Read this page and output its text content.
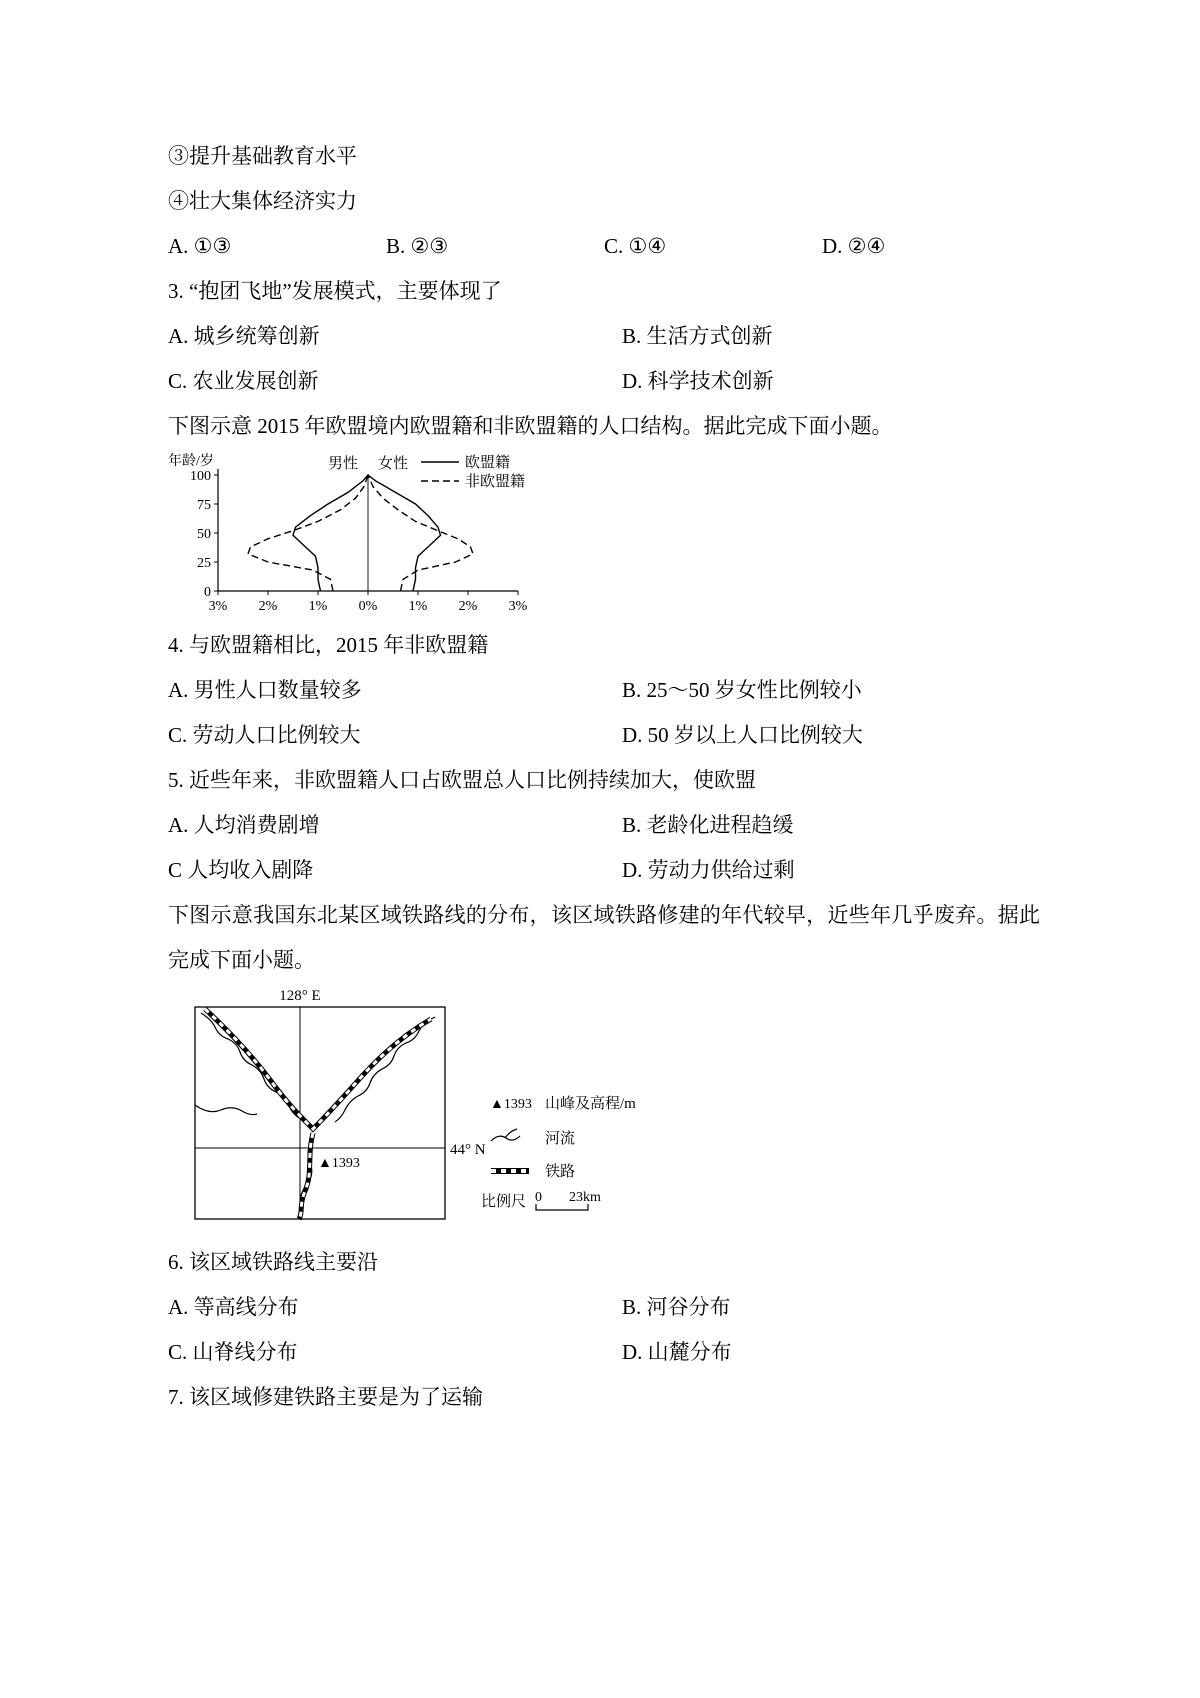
③提升基础教育水平
④壮大集体经济实力
A. ①③	B. ②③	C. ①④	D. ②④
3. “抱团飞地”发展模式，主要体现了
A. 城乡统筹创新	B. 生活方式创新
C. 农业发展创新	D. 科学技术创新
下图示意 2015 年欧盟境内欧盟籍和非欧盟籍的人口结构。据此完成下面小题。
年龄/岁
0
25
50
75
100
3% 2% 1% 0% 1% 2% 3%
男性 女性	欧盟籍
非欧盟籍
4. 与欧盟籍相比，2015 年非欧盟籍
A. 男性人口数量较多	B. 25～50 岁女性比例较小
C. 劳动人口比例较大	D. 50 岁以上人口比例较大
5. 近些年来，非欧盟籍人口占欧盟总人口比例持续加大，使欧盟
A. 人均消费剧增	B. 老龄化进程趋缓
C 人均收入剧降	D. 劳动力供给过剩
下图示意我国东北某区域铁路线的分布，该区域铁路修建的年代较早，近些年几乎废弃。据此完成下面小题。
128° E
44° N
▲1393
▲1393 山峰及高程/m
河流
铁路
比例尺 0 23km
6. 该区域铁路线主要沿
A. 等高线分布	B. 河谷分布
C. 山脊线分布	D. 山麓分布
7. 该区域修建铁路主要是为了运输
